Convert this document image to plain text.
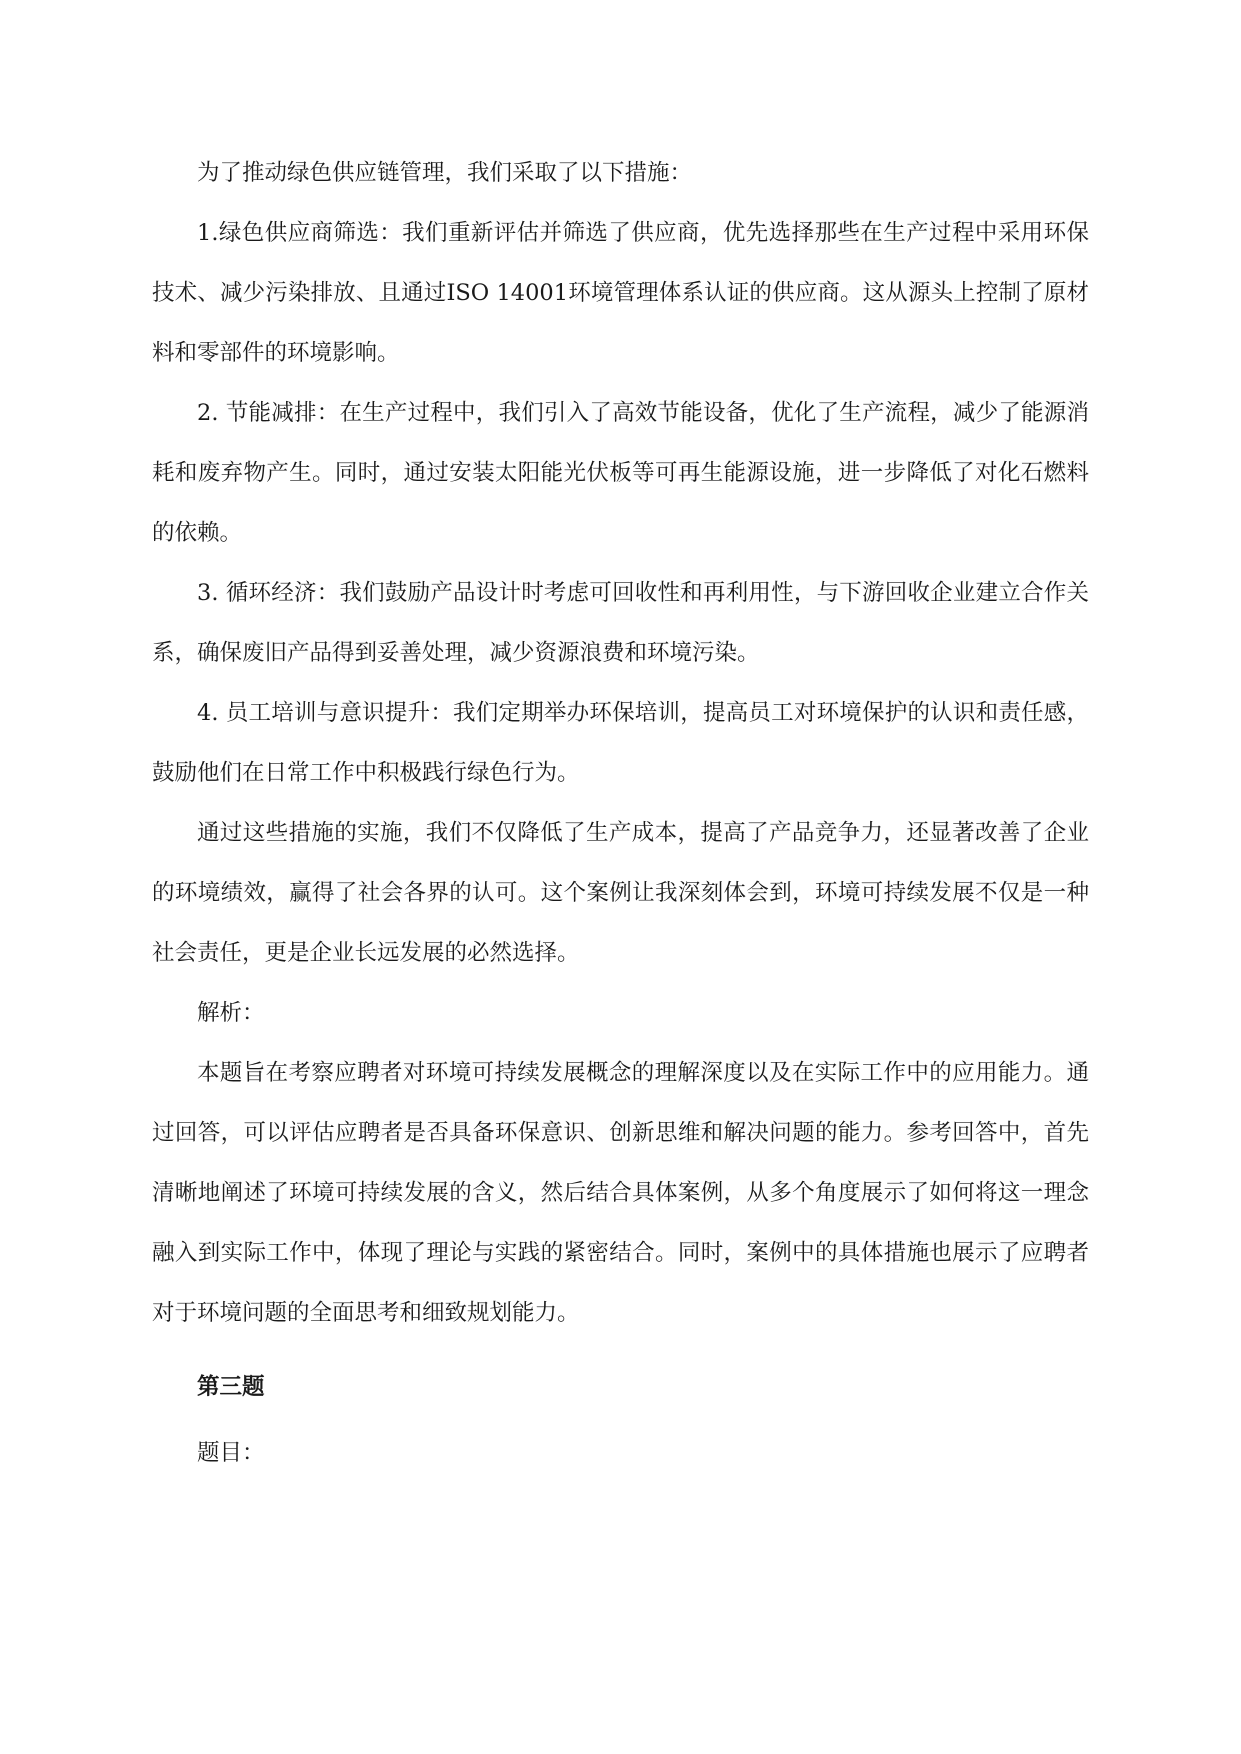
为了推动绿色供应链管理，我们采取了以下措施：

1.绿色供应商筛选：我们重新评估并筛选了供应商，优先选择那些在生产过程中采用环保技术、减少污染排放、且通过ISO 14001环境管理体系认证的供应商。这从源头上控制了原材料和零部件的环境影响。

2. 节能减排：在生产过程中，我们引入了高效节能设备，优化了生产流程，减少了能源消耗和废弃物产生。同时，通过安装太阳能光伏板等可再生能源设施，进一步降低了对化石燃料的依赖。

3. 循环经济：我们鼓励产品设计时考虑可回收性和再利用性，与下游回收企业建立合作关系，确保废旧产品得到妥善处理，减少资源浪费和环境污染。

4. 员工培训与意识提升：我们定期举办环保培训，提高员工对环境保护的认识和责任感，鼓励他们在日常工作中积极践行绿色行为。

通过这些措施的实施，我们不仅降低了生产成本，提高了产品竞争力，还显著改善了企业的环境绩效，赢得了社会各界的认可。这个案例让我深刻体会到，环境可持续发展不仅是一种社会责任，更是企业长远发展的必然选择。

解析：

本题旨在考察应聘者对环境可持续发展概念的理解深度以及在实际工作中的应用能力。通过回答，可以评估应聘者是否具备环保意识、创新思维和解决问题的能力。参考回答中，首先清晰地阐述了环境可持续发展的含义，然后结合具体案例，从多个角度展示了如何将这一理念融入到实际工作中，体现了理论与实践的紧密结合。同时，案例中的具体措施也展示了应聘者对于环境问题的全面思考和细致规划能力。

第三题

题目：
